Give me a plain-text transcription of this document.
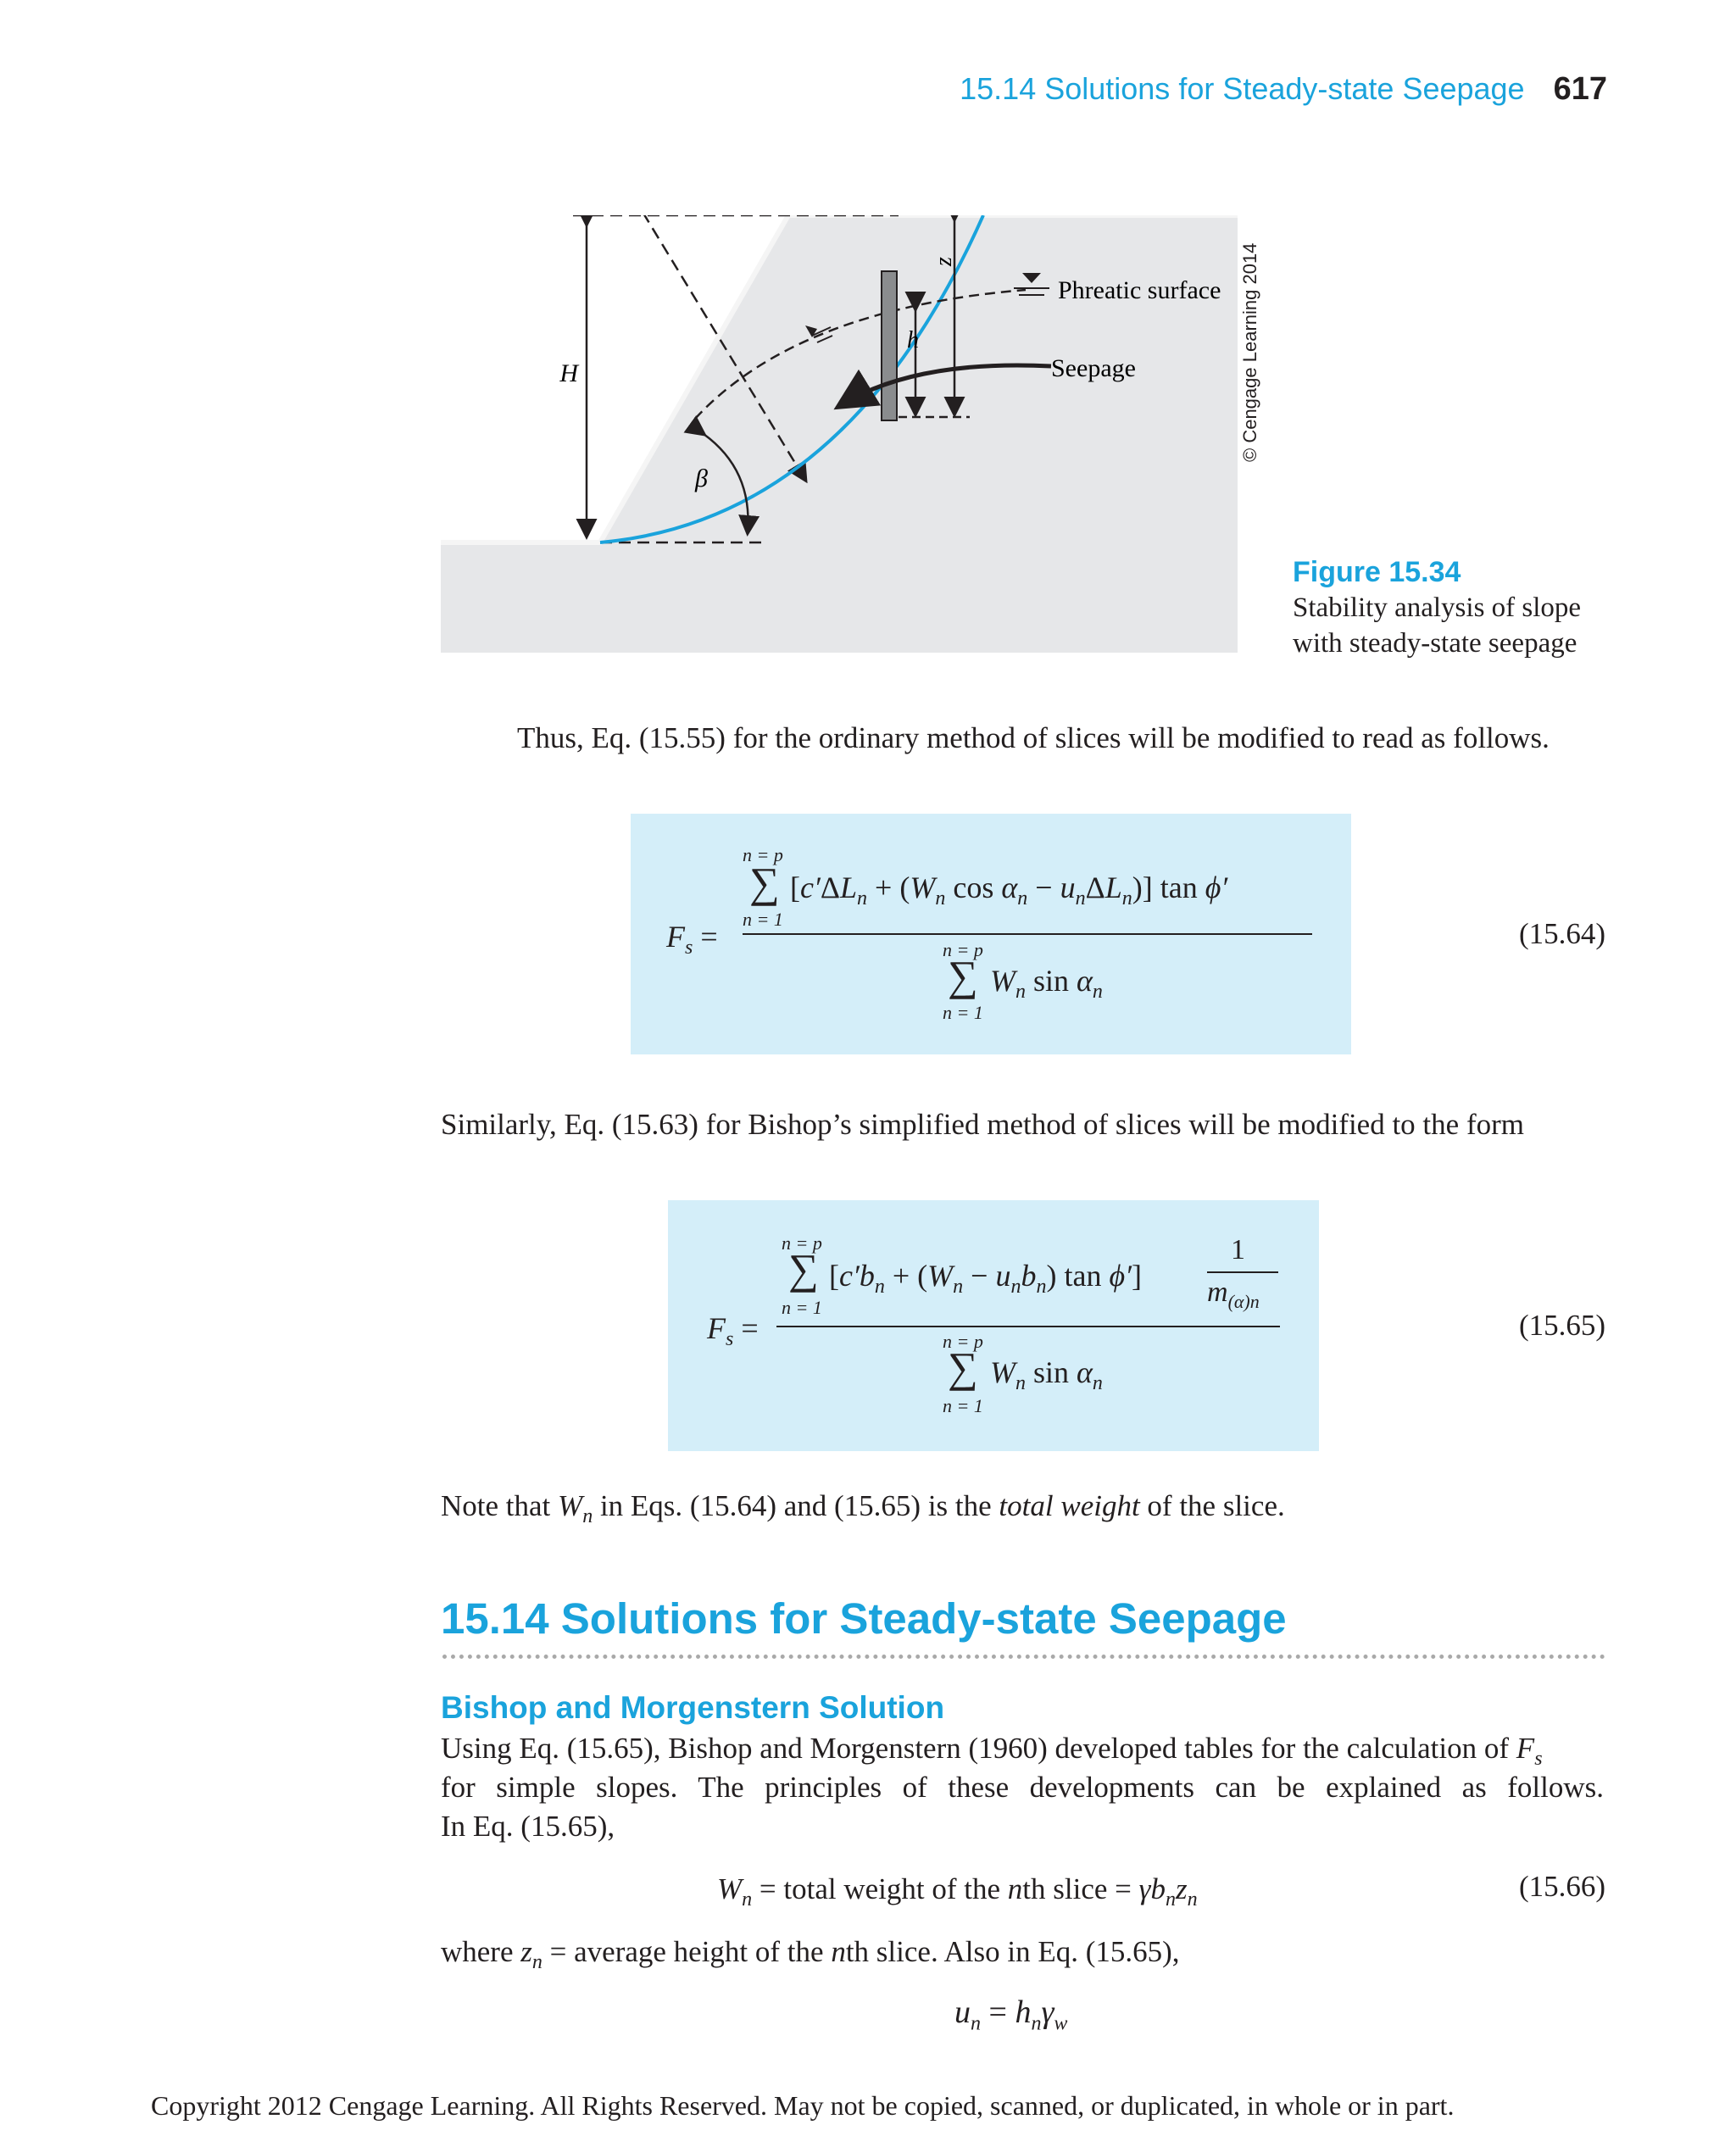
15.14 Solutions for Steady-state Seepage 617
H
Phreatic surface
z
h
Seepage
β
© Cengage Learning 2014
Figure 15.34
Stability analysis of slope
with steady-state seepage
Thus, Eq. (15.55) for the ordinary method of slices will be modified to read as follows.
$F_s$ =
n = p
∑
n = 1
[$c'\Delta L_n + (W_n$ $\cos \alpha_n - u_n\Delta L_n$)] tan ϕ′
n = p
∑
n = 1
$W_n$ $\sin \alpha_n$
(15.64)
Similarly, Eq. (15.63) for Bishop’s simplified method of slices will be modified to the form
$F_s$ =
n = p
∑
n = 1
[$c'b_n + (W_n - u_nb_n)$ tan ϕ′]
1
$m_{(\alpha)n}$
n = p
∑
n = 1
$W_n$ $\sin \alpha_n$
(15.65)
Note that $W_n$ in Eqs. (15.64) and (15.65) is the total weight of the slice.
15.14 Solutions for Steady-state Seepage
Bishop and Morgenstern Solution
Using Eq. (15.65), Bishop and Morgenstern (1960) developed tables for the calculation of $F_s$
for simple slopes. The principles of these developments can be explained as follows.
In Eq. (15.65),
$W_n$ = total weight of the nth slice = $\gamma b_nz_n$	(15.66)
where $z_n$ = average height of the nth slice. Also in Eq. (15.65),
$u_n = h_n\gamma_w$
Copyright 2012 Cengage Learning. All Rights Reserved. May not be copied, scanned, or duplicated, in whole or in part.
